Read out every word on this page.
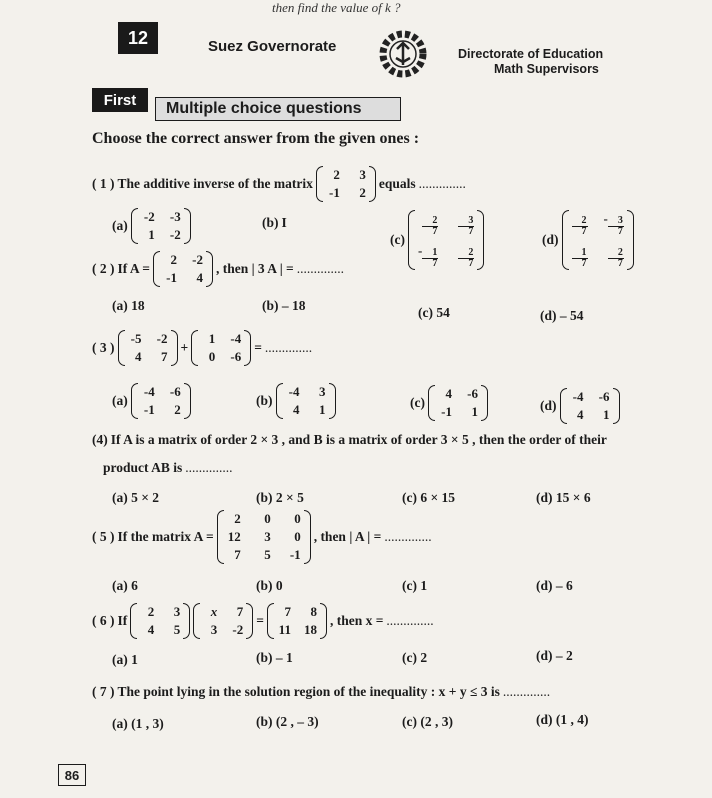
then find the value of k ?
12	Suez Governorate	Directorate of Education
Math Supervisors
First	Multiple choice questions
Choose the correct answer from the given ones :
( 1 ) The additive inverse of the matrix
2	3
-1	2
equals ..............
(a)
-2 -3
1 -2
(b) I
(c)
$\frac{2}{7} \frac{3}{7}$
- $\frac{1}{7} \frac{2}{7}$
(d)
$\frac{2}{7} - \frac{3}{7}$
$\frac{1}{7} \frac{2}{7}$
( 2 ) If A =
2 -2
-1	4
, then | 3 A | = ..............
(a) 18	(b) – 18	(c) 54	(d) – 54
( 3 )
-5 -2
4	7
+
1 -4
0 -6
= ..............
(a)
-4 -6
-1	2
(b)
-4	3
4	1	(c)
4 -6
-1	1	(d)
-4 -6
4	1
(4) If A is a matrix of order 2 × 3 , and B is a matrix of order 3 × 5 , then the order of their
product AB is ..............
(a) 5 × 2	(b) 2 × 5	(c) 6 × 15	(d) 15 × 6
( 5 ) If the matrix A =
2	0	0
12	3	0
7	5 -1
, then | A | = ..............
(a) 6	(b) 0	(c) 1	(d) – 6
( 6 ) If
2	3
4	5
x	7
3 -2
=
7	8
11 18
, then x = ..............
(a) 1	(b) – 1	(c) 2	(d) – 2
( 7 ) The point lying in the solution region of the inequality : x + y ≤ 3 is ..............
(a) (1 , 3)	(b) (2 , – 3)	(c) (2 , 3)	(d) (1 , 4)
86
